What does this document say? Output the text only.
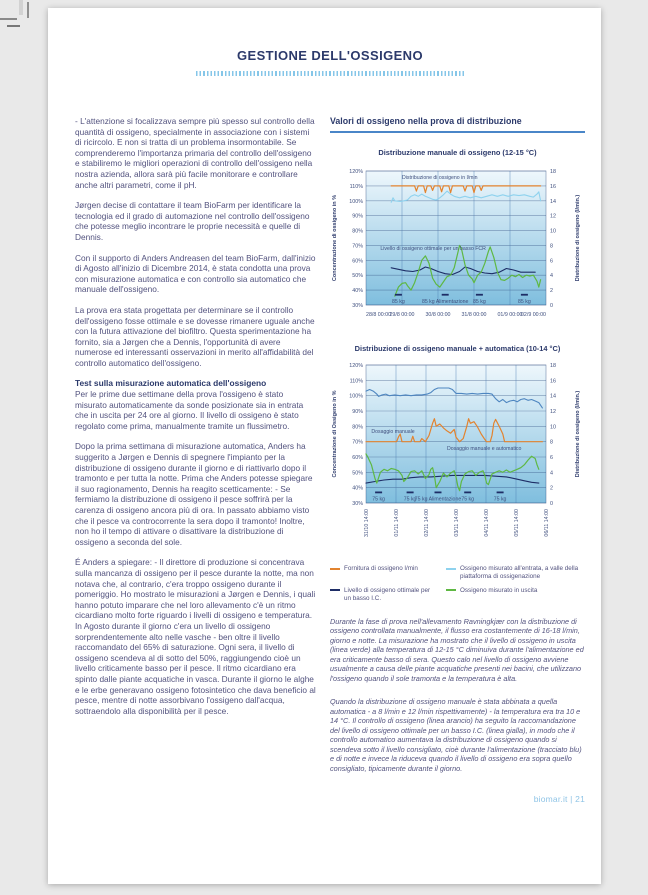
GESTIONE DELL'OSSIGENO

- L'attenzione si focalizzava sempre più spesso sul controllo della quantità di ossigeno, specialmente in associazione con i sistemi di ricircolo. E non si tratta di un problema insormontabile. Se comprenderemo l'importanza primaria del controllo dell'ossigeno e stabiliremo le migliori operazioni di controllo dell'ossigeno nella nostra azienda, allora sarà più facile monitorare e controllare anche altri parametri, come il pH.

Jørgen decise di contattare il team BioFarm per identificare la tecnologia ed il grado di automazione nel controllo dell'ossigeno che potesse meglio incontrare le proprie necessità e quelle di Dennis.

Con il supporto di Anders Andreasen del team BioFarm, dall'inizio di Agosto all'inizio di Dicembre 2014, è stata condotta una prova con misurazione automatica e con controllo sia automatico che manuale dell'ossigeno.

La prova era stata progettata per determinare se il controllo dell'ossigeno fosse ottimale e se dovesse rimanere uguale anche con la futura attivazione del biofiltro. Questa sperimentazione ha fornito, sia a Jørgen che a Dennis, l'opportunità di avere numerose ed interessanti osservazioni in merito all'affidabilità del controllo automatico dell'ossigeno.

Test sulla misurazione automatica dell'ossigeno

Per le prime due settimane della prova l'ossigeno è stato misurato automaticamente da sonde posizionate sia in entrata che in uscita per 24 ore al giorno. Il livello di ossigeno è stato regolato come prima, manualmente tramite un flussimetro.

Dopo la prima settimana di misurazione automatica, Anders ha suggerito a Jørgen e Dennis di spegnere l'impianto per la distribuzione di ossigeno durante il giorno e di riattivarlo dopo il tramonto e per tutta la notte. Prima che Anders potesse spiegare il suo ragionamento, Dennis ha reagito scetticamente: - Se fermiamo la distribuzione di ossigeno il pesce soffrirà per la carenza di ossigeno ancora più di ora. In passato abbiamo visto che il pesce va controcorrente la sera dopo il tramonto! Inoltre, non ho il tempo di attivare o disattivare la distribuzione di ossigeno a seconda del sole.

É Anders a spiegare: - Il direttore di produzione si concentrava sulla mancanza di ossigeno per il pesce durante la notte, ma non notava che, al contrario, c'era troppo ossigeno durante il pomeriggio. Ho mostrato le misurazioni a Jørgen e Dennis, i quali hanno potuto imparare che nel loro allevamento c'è un ritmo cicardiano molto forte riguardo i livelli di ossigeno e temperatura. In Agosto durante il giorno c'era un livello di ossigeno sorprendentemente alto nelle vasche - ben oltre il livello raccomandato del 65% di saturazione. Ogni sera, il livello di ossigeno scendeva al di sotto del 50%, raggiungendo cioè un livello criticamente basso per il pesce. Il ritmo cicardiano era spinto dalle piante acquatiche in vasca. Durante il giorno le alghe e le erbe generavano ossigeno fotosintetico che dava beneficio al pesce, mentre di notte assorbivano l'ossigeno dall'acqua, sottraendolo alla disponibilità per il pesce.

Valori di ossigeno nella prova di distribuzione
Distribuzione manuale di ossigeno (12-15 °C)
120%	18
110%	16
100%	14
90%	12
80%	10
70%	8
60%	6
50%	4
40%	2
30%	0
Distribuzione di ossigeno in l/min
Livello di ossigeno ottimale per un basso FCR
85 kg	85 kg Alimentazione 85 kg	85 kg
28/8 00:00
29/8 00:00 30/8 00:00 31/8 00:00 01/9 00:00
02/9 00:00
Concentrazione di ossigeno in %	Distribuzione di ossigeno (l/min.)
Distribuzione di ossigeno manuale + automatica (10-14 °C)
120%	18
110%	16
100%	14
90%	12
80%	10
70%	8
60%	6
50%	4
40%	2
30%	0
Dosaggio manuale
Dosaggio manuale e automatico
75 kg	75 kg
75 kg Alimentazione 75 kg	75 kg
31/10 14:00	01/11 14:00	02/11 14:00	03/11 14:00	04/11 14:00	05/11 14:00	06/11 14:00
Concentrazione di Ossigeno in %	Distribuzione di ossigeno (l/min.)
Fornitura di ossigeno l/min	Ossigeno misurato all'entrata, a valle della piattaforma di ossigenazione
Livello di ossigeno ottimale per un basso I.C.
Ossigeno misurato in uscita

Durante la fase di prova nell'allevamento Ravningkjær con la distribuzione di ossigeno controllata manualmente, il flusso era costantemente di 16-18 l/min, giorno e notte. La misurazione ha mostrato che il livello di ossigeno in uscita (linea verde) alla temperatura di 12-15 °C diminuiva durante l'alimentazione ed era criticamente basso di sera. Questo calo nel livello di ossigeno avviene usualmente a causa delle piante acquatiche presenti nei bacini, che utilizzano l'ossigeno quando il sole tramonta e la temperatura è alta.

Quando la distribuzione di ossigeno manuale è stata abbinata a quella automatica - a 8 l/min e 12 l/min rispettivamente) - la temperatura era tra 10 e 14 °C. Il controllo di ossigeno (linea arancio) ha seguito la raccomandazione del livello di ossigeno ottimale per un basso I.C. (linea gialla), in modo che il controllo automatico aumentava la distribuzione di ossigeno quando si scendeva sotto il livello consigliato, cioè durante l'alimentazione (tracciato blu) e di notte e invece la riduceva quando il livello di ossigeno era sopra quello consigliato, tipicamente durante il giorno.

biomar.it | 21
